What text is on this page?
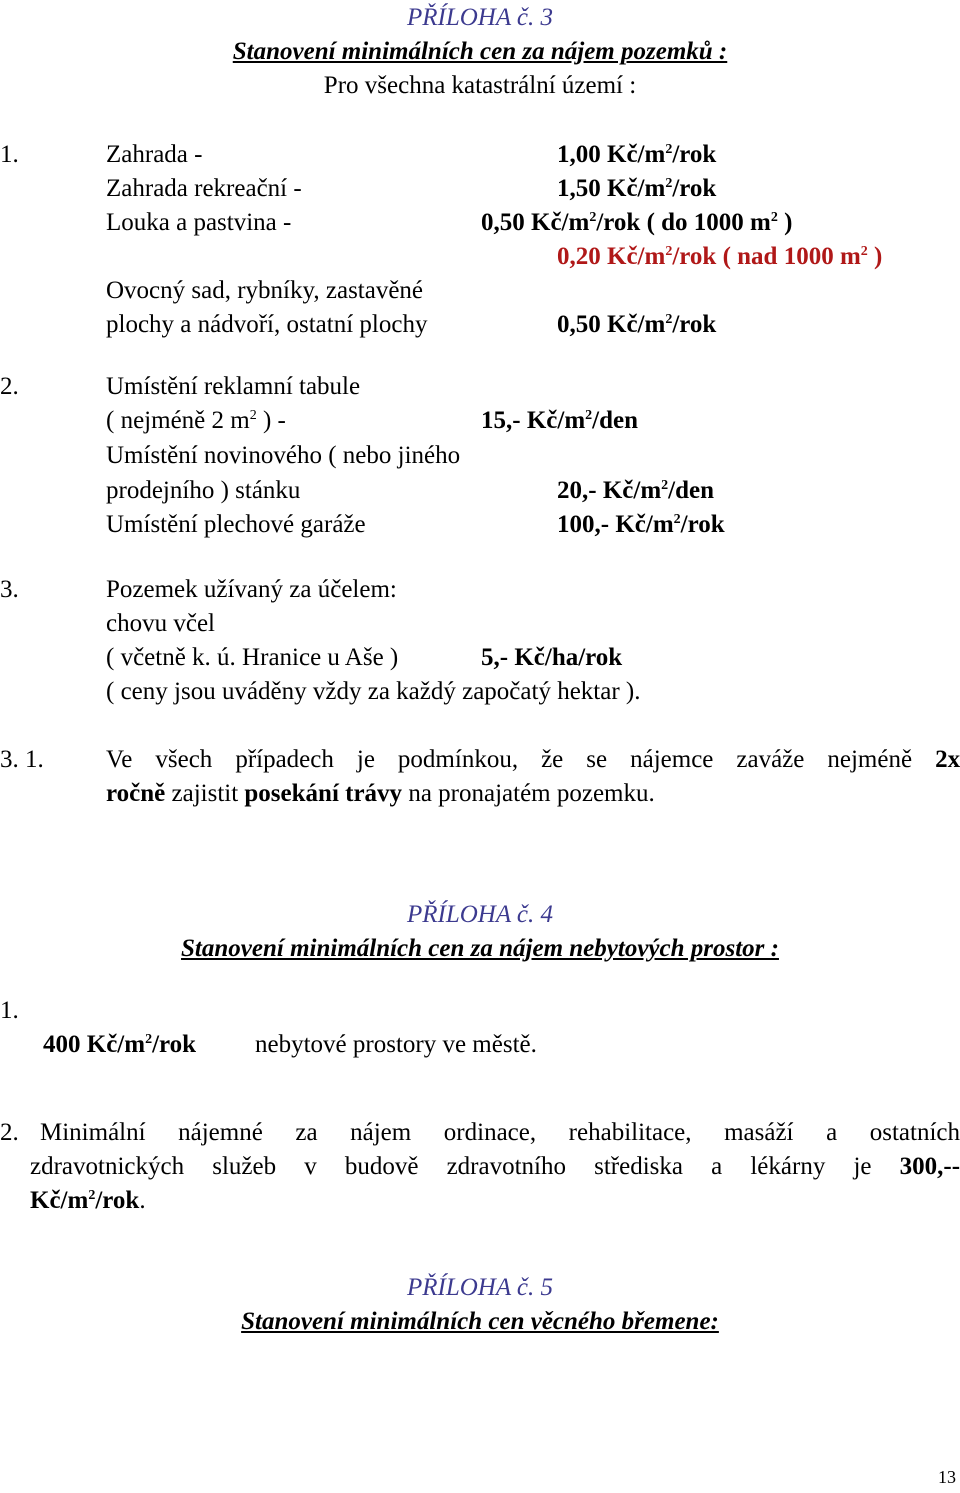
PŘÍLOHA č. 3
Stanovení minimálních cen za nájem pozemků :
Pro všechna katastrální území :
1.	Zahrada -	1,00 $Kč/m^2$/rok
Zahrada rekreační -	1,50 $Kč/m^2$/rok
Louka a pastvina -	0,50 $Kč/m^2$/rok ( do 1000 $m^2$ )
0,20 $Kč/m^2$/rok ( nad 1000 $m^2$ )
Ovocný sad, rybníky, zastavěné
plochy a nádvoří, ostatní plochy	0,50 $Kč/m^2$/rok
2.	Umístění reklamní tabule
( nejméně 2 $m^2$ ) -	15,- $Kč/m^2$/den
Umístění novinového ( nebo jiného
prodejního ) stánku	20,- $Kč/m^2$/den
Umístění plechové garáže	100,- $Kč/m^2$/rok
3.	Pozemek užívaný za účelem:
chovu včel
( včetně k. ú. Hranice u Aše )	5,- Kč/ha/rok
( ceny jsou uváděny vždy za každý započatý hektar ).
3. 1. Ve všech případech je podmínkou, že se nájemce zaváže nejméně 2x
ročně zajistit posekání trávy na pronajatém pozemku.
PŘÍLOHA č. 4
Stanovení minimálních cen za nájem nebytových prostor :
1.
400 $Kč/m^2$/rok nebytové prostory ve městě.
2. Minimální nájemné za nájem ordinace, rehabilitace, masáží a ostatních
zdravotnických služeb v budově zdravotního střediska a lékárny je 300,--
$Kč/m^2$/rok.
PŘÍLOHA č. 5
Stanovení minimálních cen věcného břemene:
13
